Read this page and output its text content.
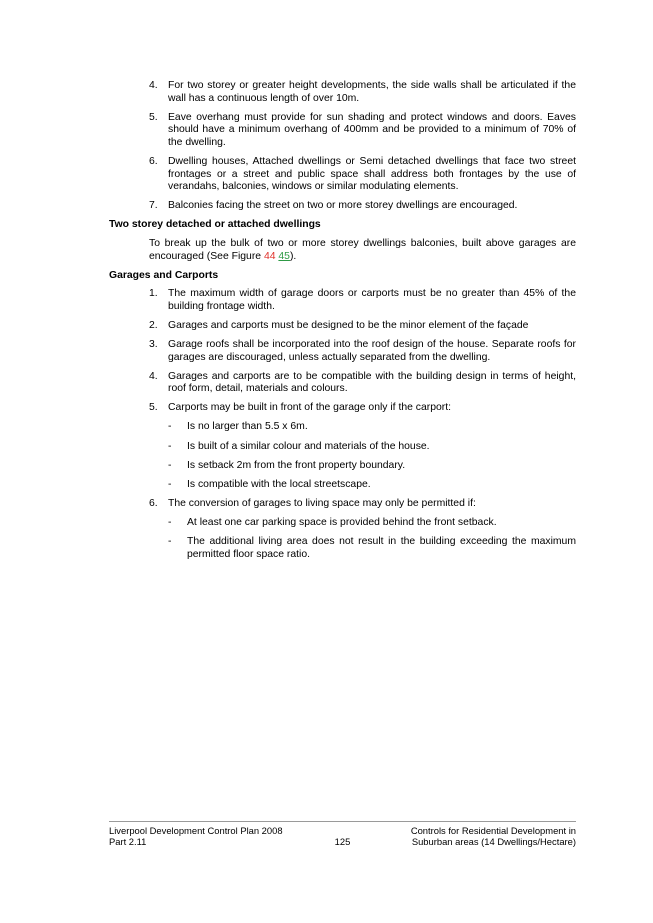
4. For two storey or greater height developments, the side walls shall be articulated if the wall has a continuous length of over 10m.
5. Eave overhang must provide for sun shading and protect windows and doors. Eaves should have a minimum overhang of 400mm and be provided to a minimum of 70% of the dwelling.
6. Dwelling houses, Attached dwellings or Semi detached dwellings that face two street frontages or a street and public space shall address both frontages by the use of verandahs, balconies, windows or similar modulating elements.
7. Balconies facing the street on two or more storey dwellings are encouraged.
Two storey detached or attached dwellings
To break up the bulk of two or more storey dwellings balconies, built above garages are encouraged (See Figure 44 45).
Garages and Carports
1. The maximum width of garage doors or carports must be no greater than 45% of the building frontage width.
2. Garages and carports must be designed to be the minor element of the façade
3. Garage roofs shall be incorporated into the roof design of the house. Separate roofs for garages are discouraged, unless actually separated from the dwelling.
4. Garages and carports are to be compatible with the building design in terms of height, roof form, detail, materials and colours.
5. Carports may be built in front of the garage only if the carport:
- Is no larger than 5.5 x 6m.
- Is built of a similar colour and materials of the house.
- Is setback 2m from the front property boundary.
- Is compatible with the local streetscape.
6. The conversion of garages to living space may only be permitted if:
- At least one car parking space is provided behind the front setback.
- The additional living area does not result in the building exceeding the maximum permitted floor space ratio.
Liverpool Development Control Plan 2008
Part 2.11	125
Controls for Residential Development in
Suburban areas (14 Dwellings/Hectare)
